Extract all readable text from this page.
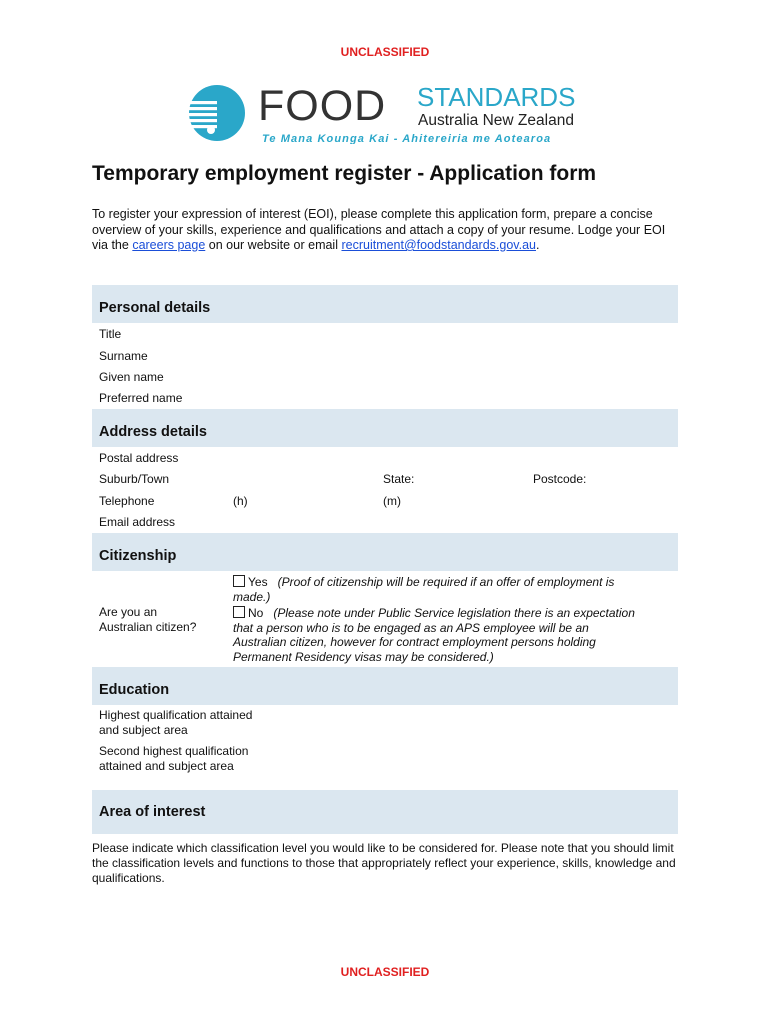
UNCLASSIFIED
FOOD STANDARDS
Australia New Zealand
Te Mana Kounga Kai - Ahitereiria me Aotearoa
Temporary employment register - Application form
To register your expression of interest (EOI), please complete this application form, prepare a concise overview of your skills, experience and qualifications and attach a copy of your resume. Lodge your EOI via the careers page on our website or email recruitment@foodstandards.gov.au.
Personal details
Title
Surname
Given name
Preferred name
Address details
Postal address
Suburb/Town	State:	Postcode:
Telephone	(h)	(m)
Email address
Citizenship
Are you an
Australian citizen?
Yes (Proof of citizenship will be required if an offer of employment is
made.)
No (Please note under Public Service legislation there is an expectation
that a person who is to be engaged as an APS employee will be an
Australian citizen, however for contract employment persons holding
Permanent Residency visas may be considered.)
Education
Highest qualification attained
and subject area
Second highest qualification
attained and subject area
Area of interest
Please indicate which classification level you would like to be considered for. Please note that you should limit the classification levels and functions to those that appropriately reflect your experience, skills, knowledge and qualifications.
UNCLASSIFIED
